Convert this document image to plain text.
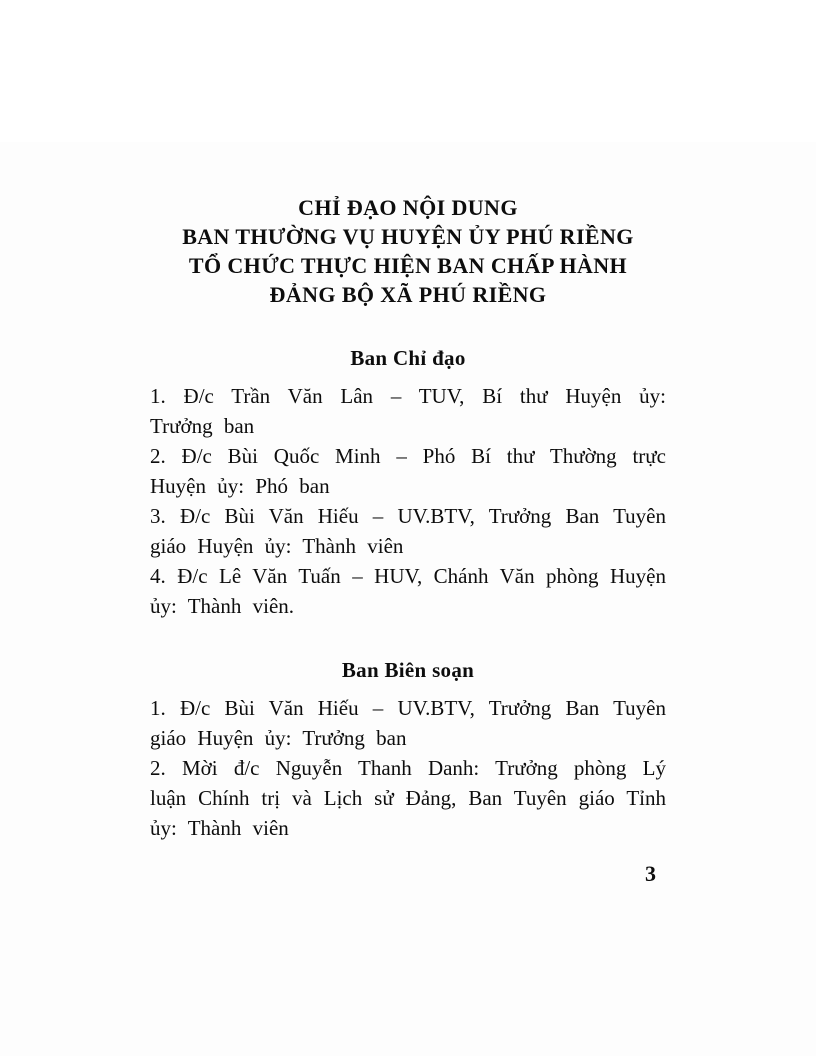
CHỈ ĐẠO NỘI DUNG
BAN THƯỜNG VỤ HUYỆN ỦY PHÚ RIỀNG
TỔ CHỨC THỰC HIỆN BAN CHẤP HÀNH
ĐẢNG BỘ XÃ PHÚ RIỀNG
Ban Chỉ đạo

1. Đ/c Trần Văn Lân – TUV, Bí thư Huyện ủy: Trưởng ban

2. Đ/c Bùi Quốc Minh – Phó Bí thư Thường trực Huyện ủy: Phó ban

3. Đ/c Bùi Văn Hiếu – UV.BTV, Trưởng Ban Tuyên giáo Huyện ủy: Thành viên

4. Đ/c Lê Văn Tuấn – HUV, Chánh Văn phòng Huyện ủy: Thành viên.

Ban Biên soạn

1. Đ/c Bùi Văn Hiếu – UV.BTV, Trưởng Ban Tuyên giáo Huyện ủy: Trưởng ban

2. Mời đ/c Nguyễn Thanh Danh: Trưởng phòng Lý luận Chính trị và Lịch sử Đảng, Ban Tuyên giáo Tỉnh ủy: Thành viên

3
